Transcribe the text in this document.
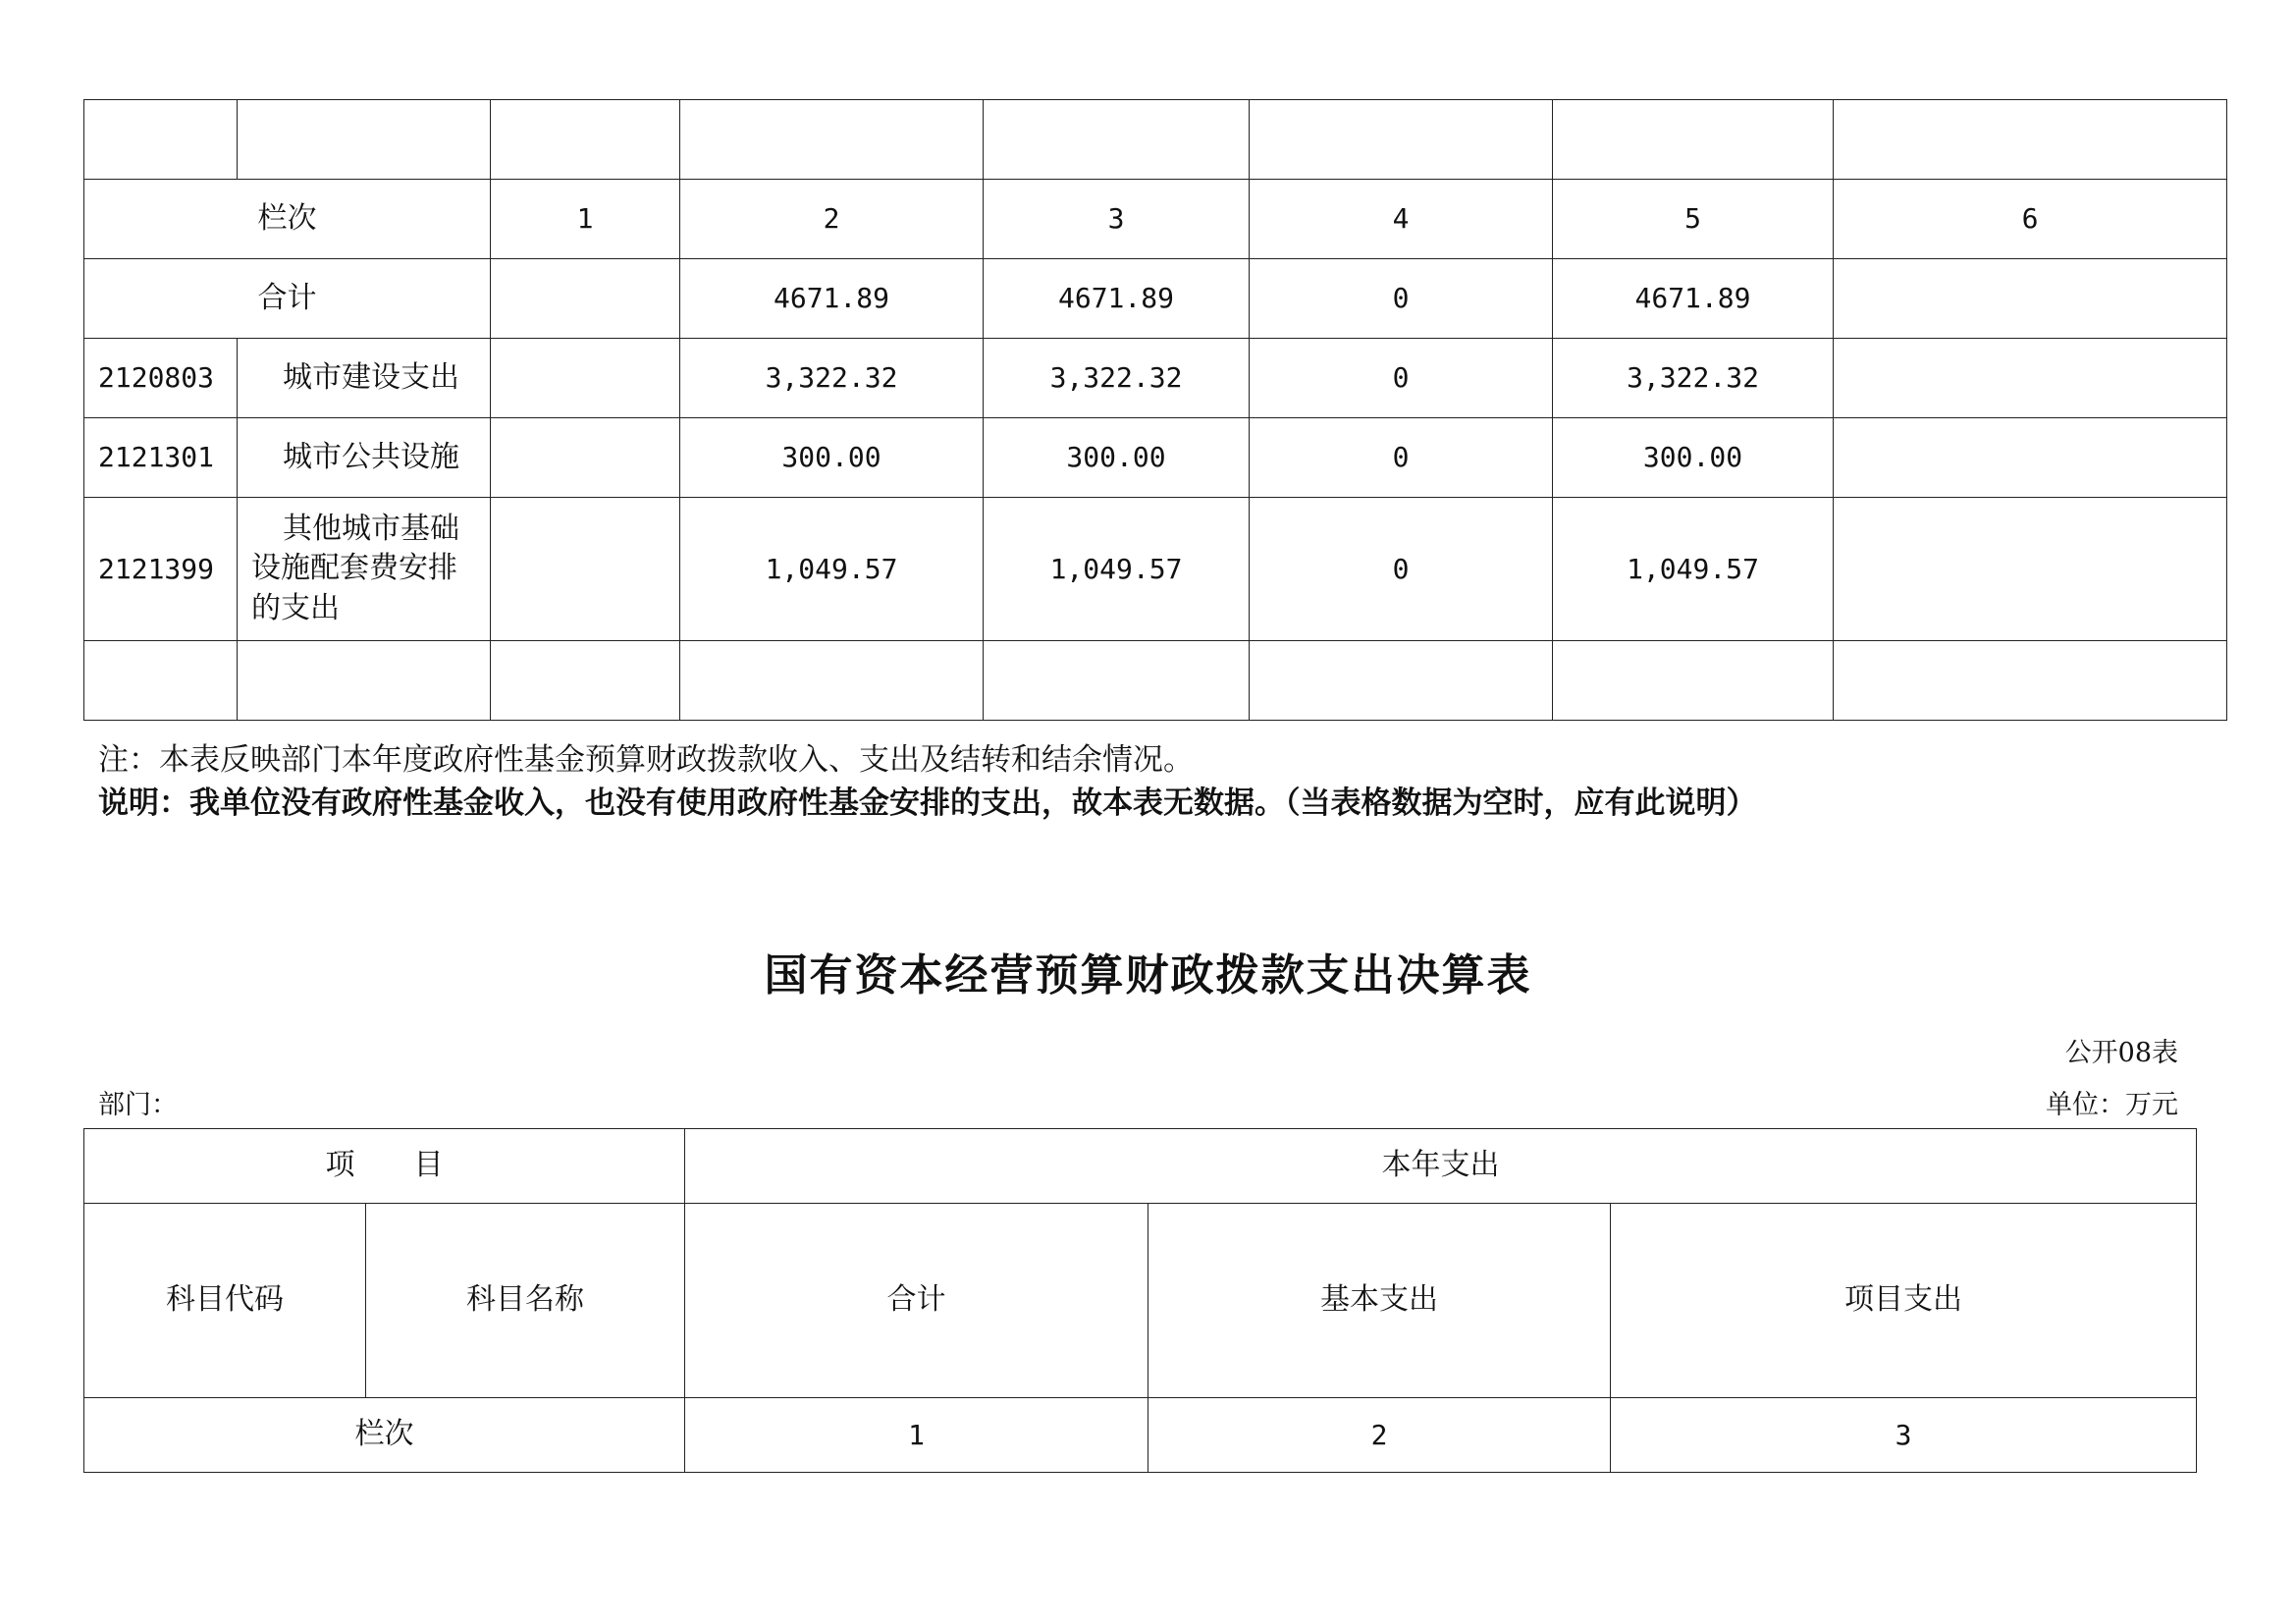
栏次		1	2	3	4	5	6
合计			4671.89	4671.89	0	4671.89	
2120803	城市建设支出		3,322.32	3,322.32	0	3,322.32	
2121301	城市公共设施		300.00	300.00	0	300.00	
2121399	其他城市基础设施配套费安排的支出		1,049.57	1,049.57	0	1,049.57	

注：本表反映部门本年度政府性基金预算财政拨款收入、支出及结转和结余情况。
说明：我单位没有政府性基金收入，也没有使用政府性基金安排的支出，故本表无数据。（当表格数据为空时，应有此说明）
国有资本经营预算财政拨款支出决算表
公开08表
部门：	单位：万元
项　　目		本年支出		
科目代码	科目名称	合计	基本支出	项目支出
栏次		1	2	3
